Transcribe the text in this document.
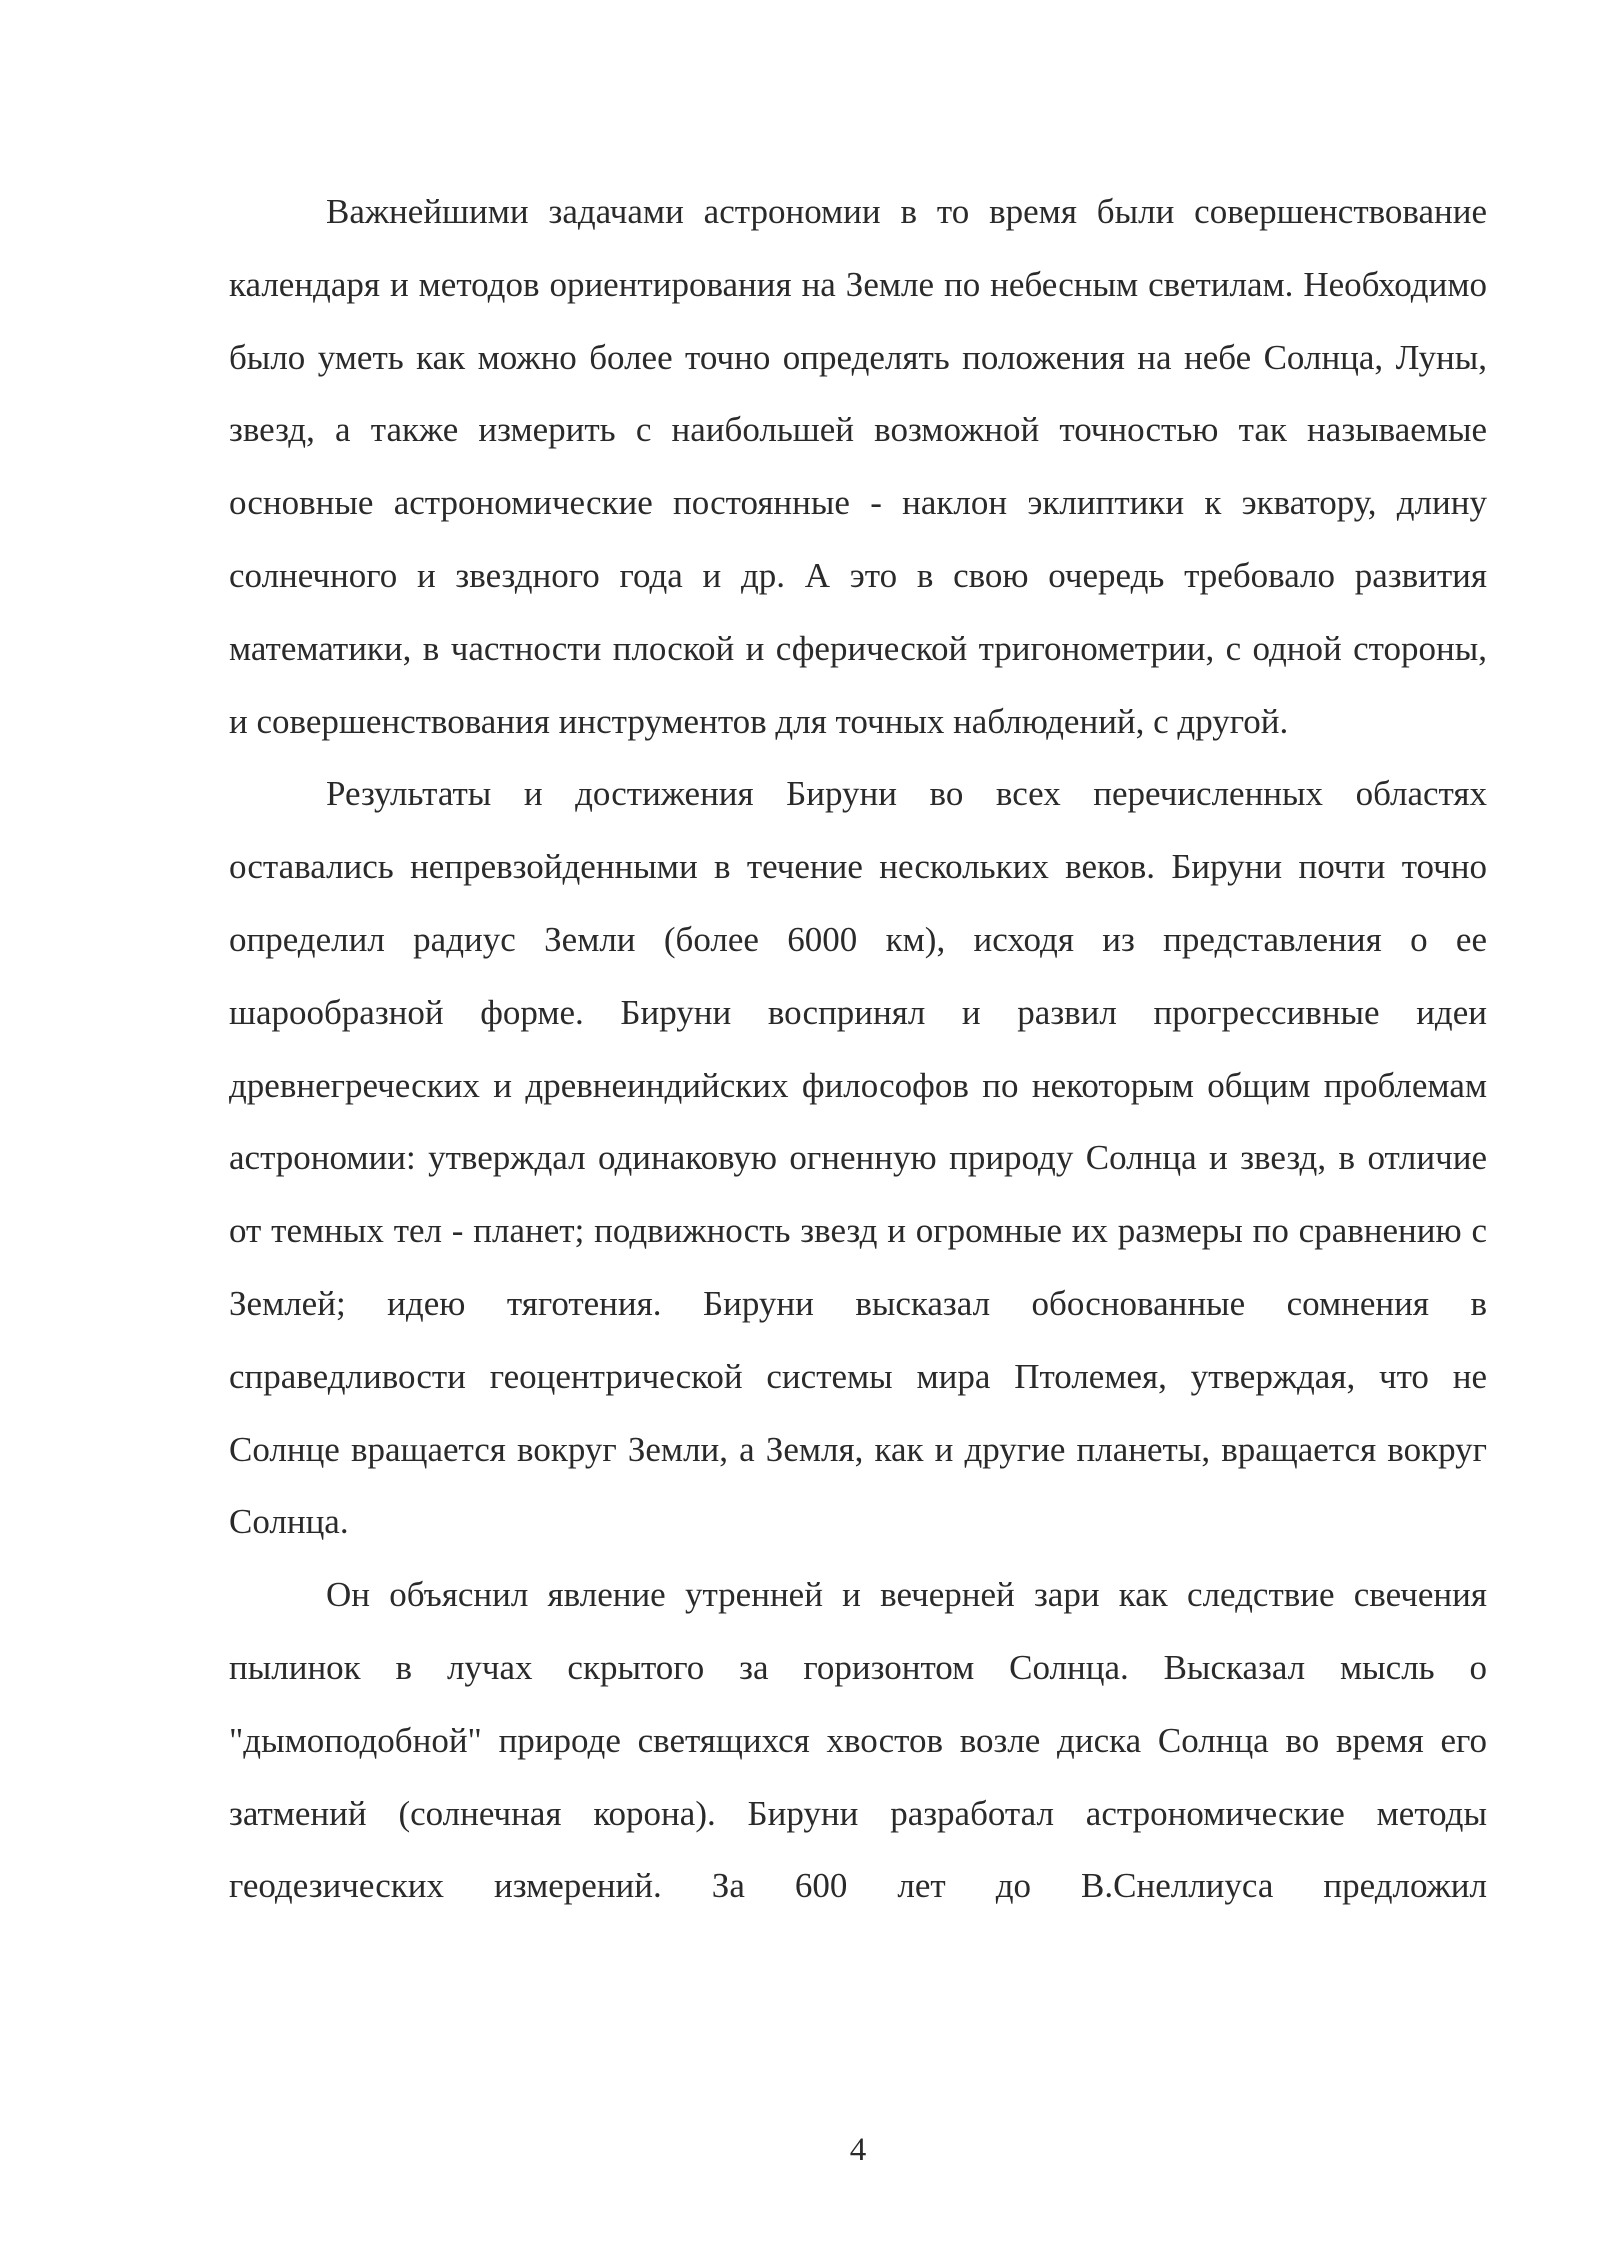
Важнейшими задачами астрономии в то время были совершенствование календаря и методов ориентирования на Земле по небесным светилам. Необходимо было уметь как можно более точно определять положения на небе Солнца, Луны, звезд, а также измерить с наибольшей возможной точностью так называемые основные астрономические постоянные - наклон эклиптики к экватору, длину солнечного и звездного года и др. А это в свою очередь требовало развития математики, в частности плоской и сферической тригонометрии, с одной стороны, и совершенствования инструментов для точных наблюдений, с другой.

Результаты и достижения Бируни во всех перечисленных областях оставались непревзойденными в течение нескольких веков. Бируни почти точно определил радиус Земли (более 6000 км), исходя из представления о ее шарообразной форме. Бируни воспринял и развил прогрессивные идеи древнегреческих и древнеиндийских философов по некоторым общим проблемам астрономии: утверждал одинаковую огненную природу Солнца и звезд, в отличие от темных тел - планет; подвижность звезд и огромные их размеры по сравнению с Землей; идею тяготения. Бируни высказал обоснованные сомнения в справедливости геоцентрической системы мира Птолемея, утверждая, что не Солнце вращается вокруг Земли, а Земля, как и другие планеты, вращается вокруг Солнца.

Он объяснил явление утренней и вечерней зари как следствие свечения пылинок в лучах скрытого за горизонтом Солнца. Высказал мысль о "дымоподобной" природе светящихся хвостов возле диска Солнца во время его затмений (солнечная корона). Бируни разработал астрономические методы геодезических измерений. За 600 лет до В.Снеллиуса предложил

4
